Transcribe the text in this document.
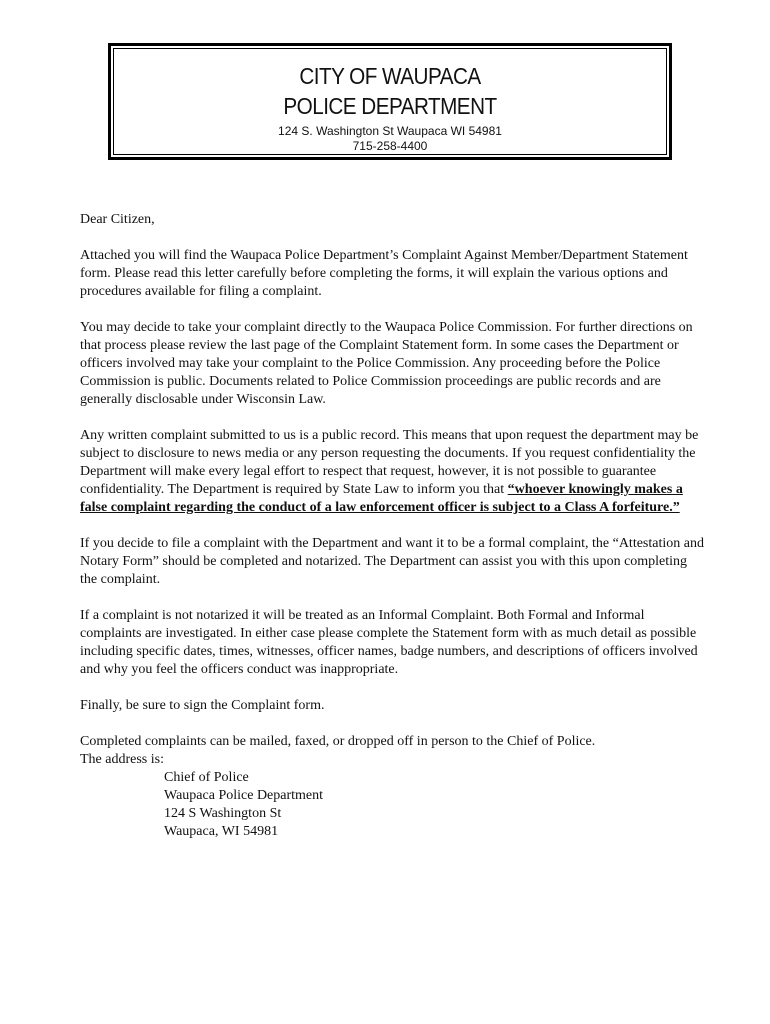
CITY OF WAUPACA
POLICE DEPARTMENT
124 S. Washington St Waupaca WI 54981
715-258-4400

Dear Citizen,

Attached you will find the Waupaca Police Department’s Complaint Against Member/Department Statement form. Please read this letter carefully before completing the forms, it will explain the various options and procedures available for filing a complaint.

You may decide to take your complaint directly to the Waupaca Police Commission. For further directions on that process please review the last page of the Complaint Statement form. In some cases the Department or officers involved may take your complaint to the Police Commission. Any proceeding before the Police Commission is public. Documents related to Police Commission proceedings are public records and are generally disclosable under Wisconsin Law.

Any written complaint submitted to us is a public record. This means that upon request the department may be subject to disclosure to news media or any person requesting the documents. If you request confidentiality the Department will make every legal effort to respect that request, however, it is not possible to guarantee confidentiality. The Department is required by State Law to inform you that “whoever knowingly makes a false complaint regarding the conduct of a law enforcement officer is subject to a Class A forfeiture.”

If you decide to file a complaint with the Department and want it to be a formal complaint, the “Attestation and Notary Form” should be completed and notarized. The Department can assist you with this upon completing the complaint.

If a complaint is not notarized it will be treated as an Informal Complaint. Both Formal and Informal complaints are investigated. In either case please complete the Statement form with as much detail as possible including specific dates, times, witnesses, officer names, badge numbers, and descriptions of officers involved and why you feel the officers conduct was inappropriate.

Finally, be sure to sign the Complaint form.

Completed complaints can be mailed, faxed, or dropped off in person to the Chief of Police.
The address is:

Chief of Police
Waupaca Police Department
124 S Washington St
Waupaca, WI 54981
